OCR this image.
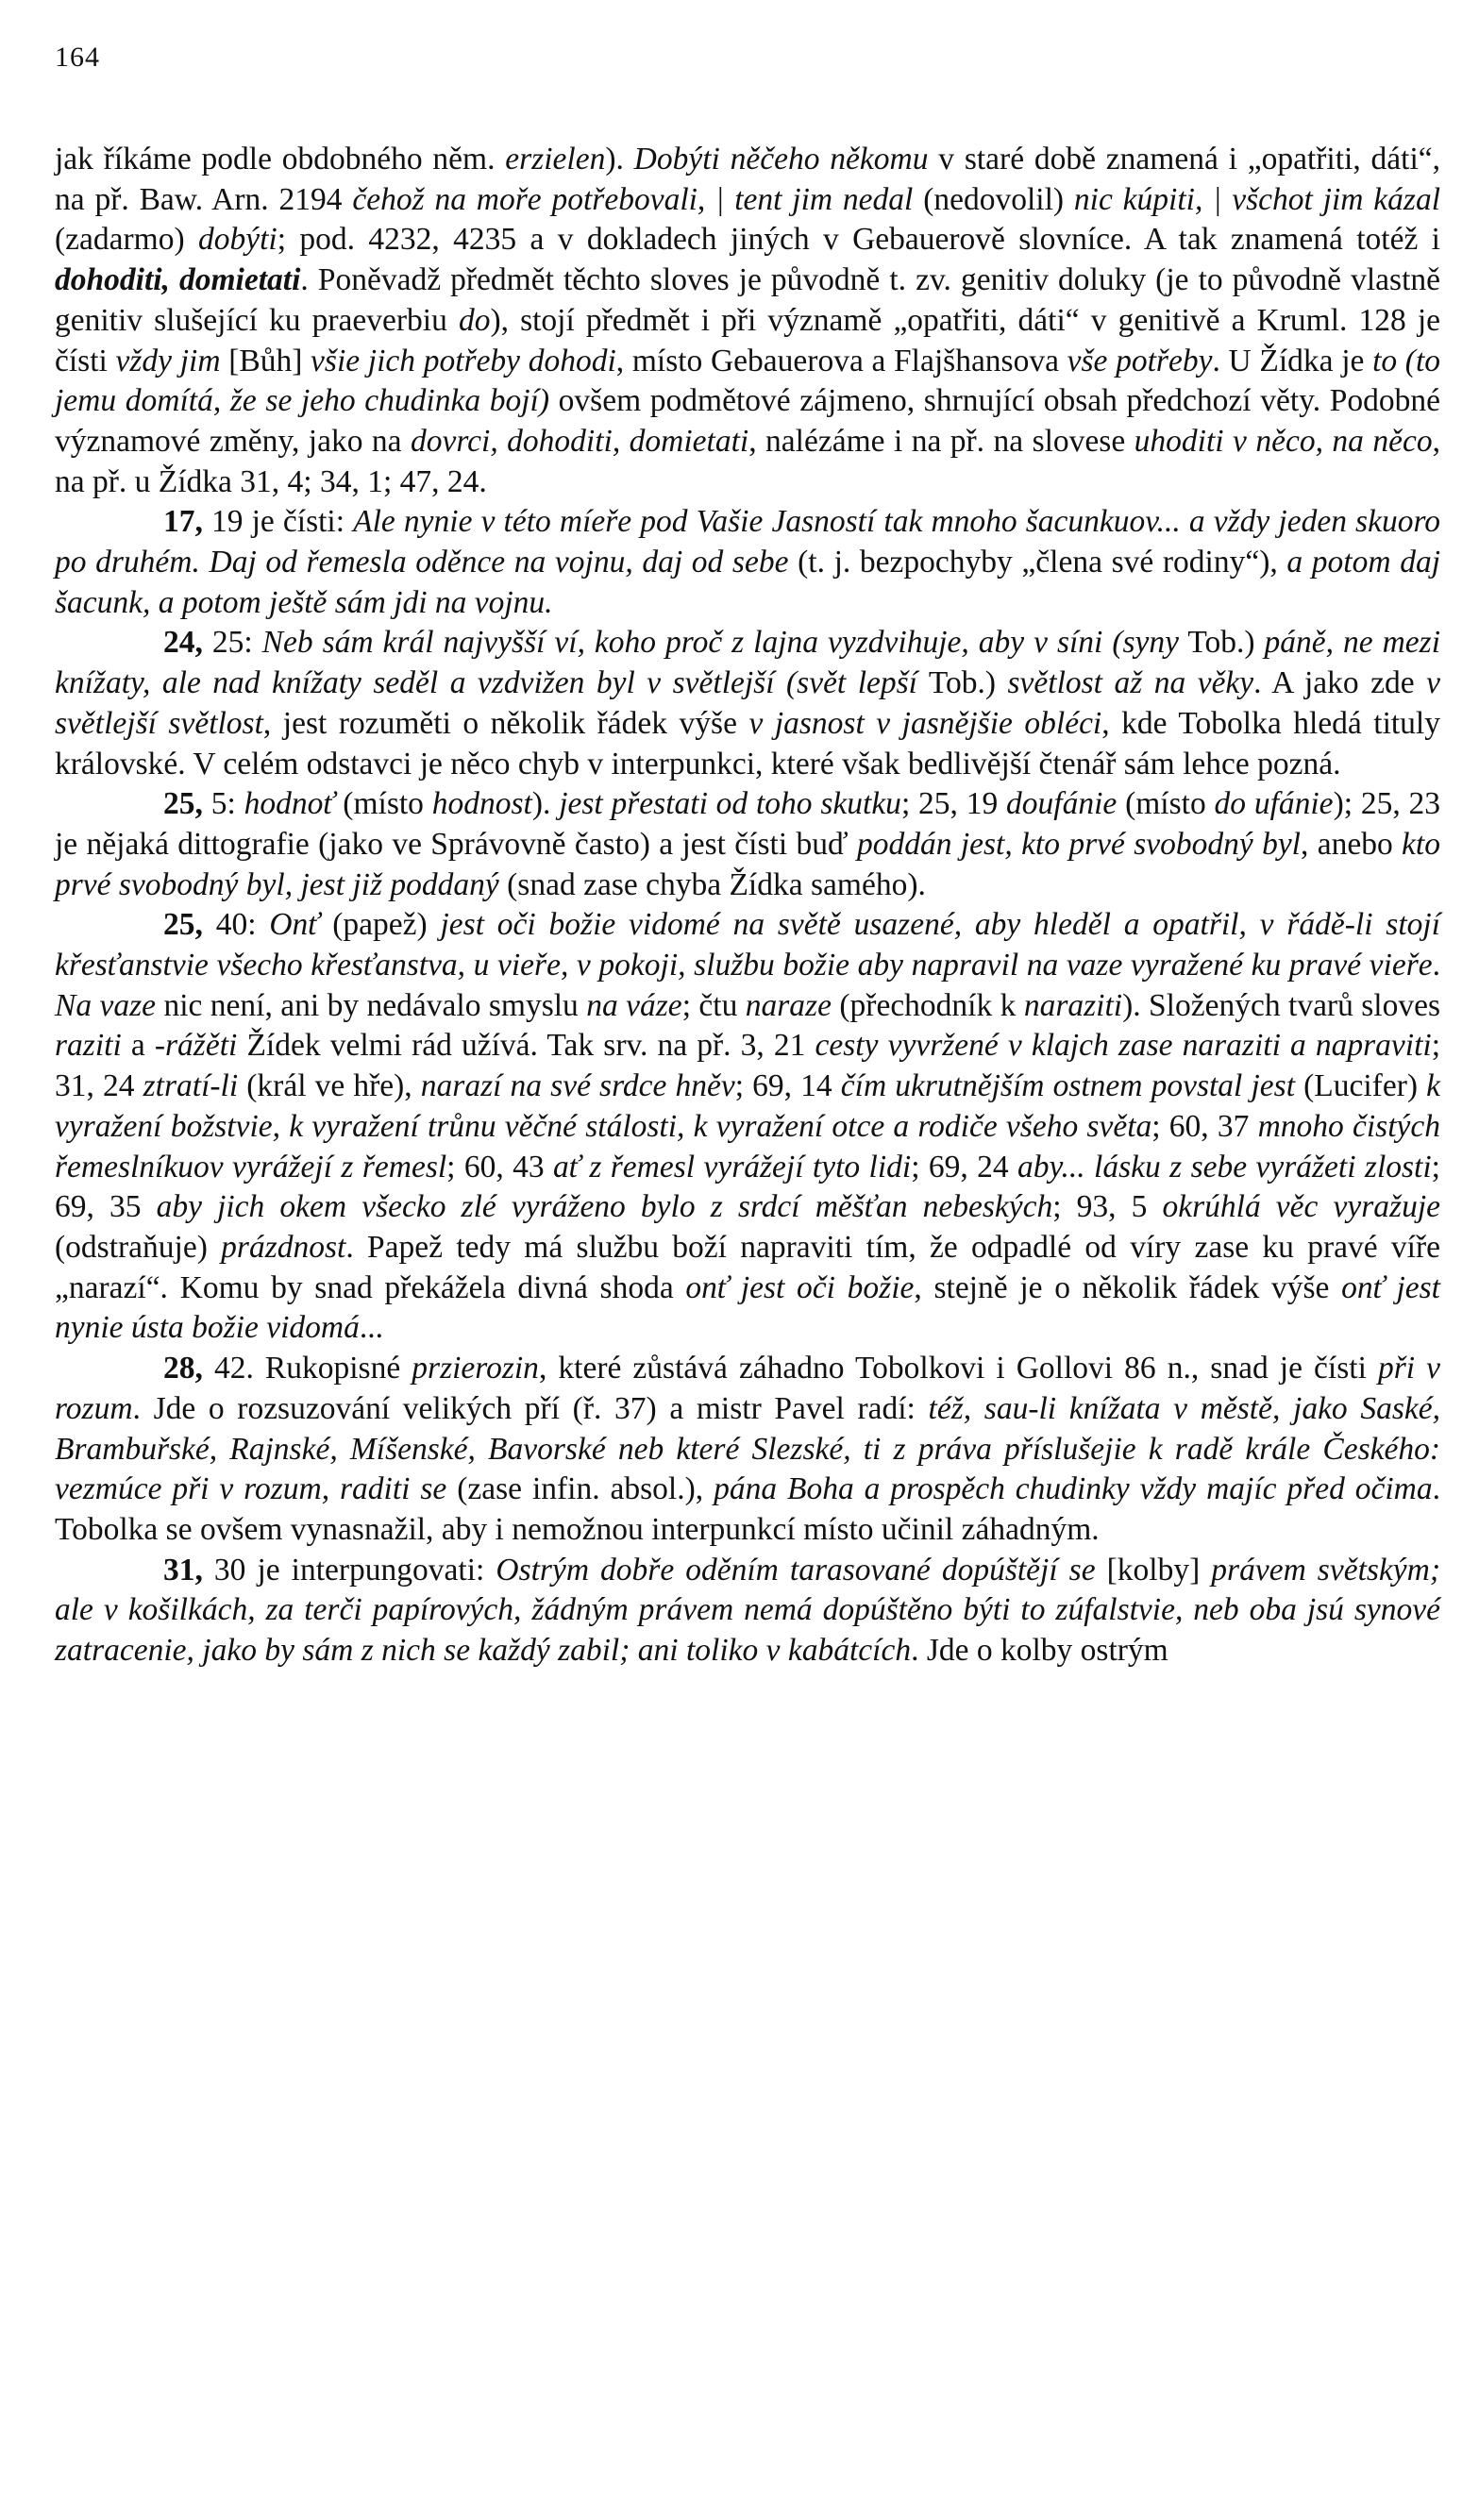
164

jak říkáme podle obdobného něm. erzielen). Dobýti něčeho někomu v staré době znamená i „opatřiti, dáti“, na př. Baw. Arn. 2194 čehož na moře potřebovali, | tent jim nedal (nedovolil) nic kúpiti, | všchot jim kázal (zadarmo) dobýti; pod. 4232, 4235 a v dokladech jiných v Gebauerově slovníce. A tak znamená totéž i dohoditi, domietati. Poněvadž předmět těchto sloves je původně t. zv. genitiv doluky (je to původně vlastně genitiv slušející ku praeverbiu do), stojí předmět i při významě „opatřiti, dáti“ v genitivě a Kruml. 128 je čísti vždy jim [Bůh] všie jich potřeby dohodi, místo Gebauerova a Flajšhansova vše potřeby. U Žídka je to (to jemu domítá, že se jeho chudinka bojí) ovšem podmětové zájmeno, shrnující obsah předchozí věty. Podobné významové změny, jako na dovrci, dohoditi, domietati, nalézáme i na př. na slovese uhoditi v něco, na něco, na př. u Žídka 31, 4; 34, 1; 47, 24.

17, 19 je čísti: Ale nynie v této míeře pod Vašie Jasností tak mnoho šacunkuov... a vždy jeden skuoro po druhém. Daj od řemesla oděnce na vojnu, daj od sebe (t. j. bezpochyby „člena své rodiny“), a potom daj šacunk, a potom ještě sám jdi na vojnu.

24, 25: Neb sám král najvyšší ví, koho proč z lajna vyzdvihuje, aby v síni (syny Tob.) páně, ne mezi knížaty, ale nad knížaty seděl a vzdvižen byl v světlejší (svět lepší Tob.) světlost až na věky. A jako zde v světlejší světlost, jest rozuměti o několik řádek výše v jasnost v jasnějšie obléci, kde Tobolka hledá tituly královské. V celém odstavci je něco chyb v interpunkci, které však bedlivější čtenář sám lehce pozná.

25, 5: hodnoť (místo hodnost). jest přestati od toho skutku; 25, 19 doufánie (místo do ufánie); 25, 23 je nějaká dittografie (jako ve Správovně často) a jest čísti buď poddán jest, kto prvé svobodný byl, anebo kto prvé svobodný byl, jest již poddaný (snad zase chyba Žídka samého).

25, 40: Onť (papež) jest oči božie vidomé na světě usazené, aby hleděl a opatřil, v řádě-li stojí křesťanstvie všecho křesťanstva, u vieře, v pokoji, službu božie aby napravil na vaze vyražené ku pravé vieře. Na vaze nic není, ani by nedávalo smyslu na váze; čtu naraze (přechodník k naraziti). Složených tvarů sloves raziti a -rážěti Žídek velmi rád užívá. Tak srv. na př. 3, 21 cesty vyvržené v klajch zase naraziti a napraviti; 31, 24 ztratí-li (král ve hře), narazí na své srdce hněv; 69, 14 čím ukrutnějším ostnem povstal jest (Lucifer) k vyražení božstvie, k vyražení trůnu věčné stálosti, k vyražení otce a rodiče všeho světa; 60, 37 mnoho čistých řemeslníkuov vyrážejí z řemesl; 60, 43 ať z řemesl vyrážejí tyto lidi; 69, 24 aby... lásku z sebe vyrážeti zlosti; 69, 35 aby jich okem všecko zlé vyráženo bylo z srdcí měšťan nebeských; 93, 5 okrúhlá věc vyražuje (odstraňuje) prázdnost. Papež tedy má službu boží napraviti tím, že odpadlé od víry zase ku pravé víře „narazí“. Komu by snad překážela divná shoda onť jest oči božie, stejně je o několik řádek výše onť jest nynie ústa božie vidomá...

28, 42. Rukopisné przierozin, které zůstává záhadno Tobolkovi i Gollovi 86 n., snad je čísti při v rozum. Jde o rozsuzování velikých pří (ř. 37) a mistr Pavel radí: též, sau-li knížata v městě, jako Saské, Brambuřské, Rajnské, Míšenské, Bavorské neb které Slezské, ti z práva příslušejie k radě krále Českého: vezmúce při v rozum, raditi se (zase infin. absol.), pána Boha a prospěch chudinky vždy majíc před očima. Tobolka se ovšem vynasnažil, aby i nemožnou interpunkcí místo učinil záhadným.

31, 30 je interpungovati: Ostrým dobře oděním tarasované dopúštějí se [kolby] právem světským; ale v košilkách, za terči papírových, žádným právem nemá dopúštěno býti to zúfalstvie, neb oba jsú synové zatracenie, jako by sám z nich se každý zabil; ani toliko v kabátcích. Jde o kolby ostrým
